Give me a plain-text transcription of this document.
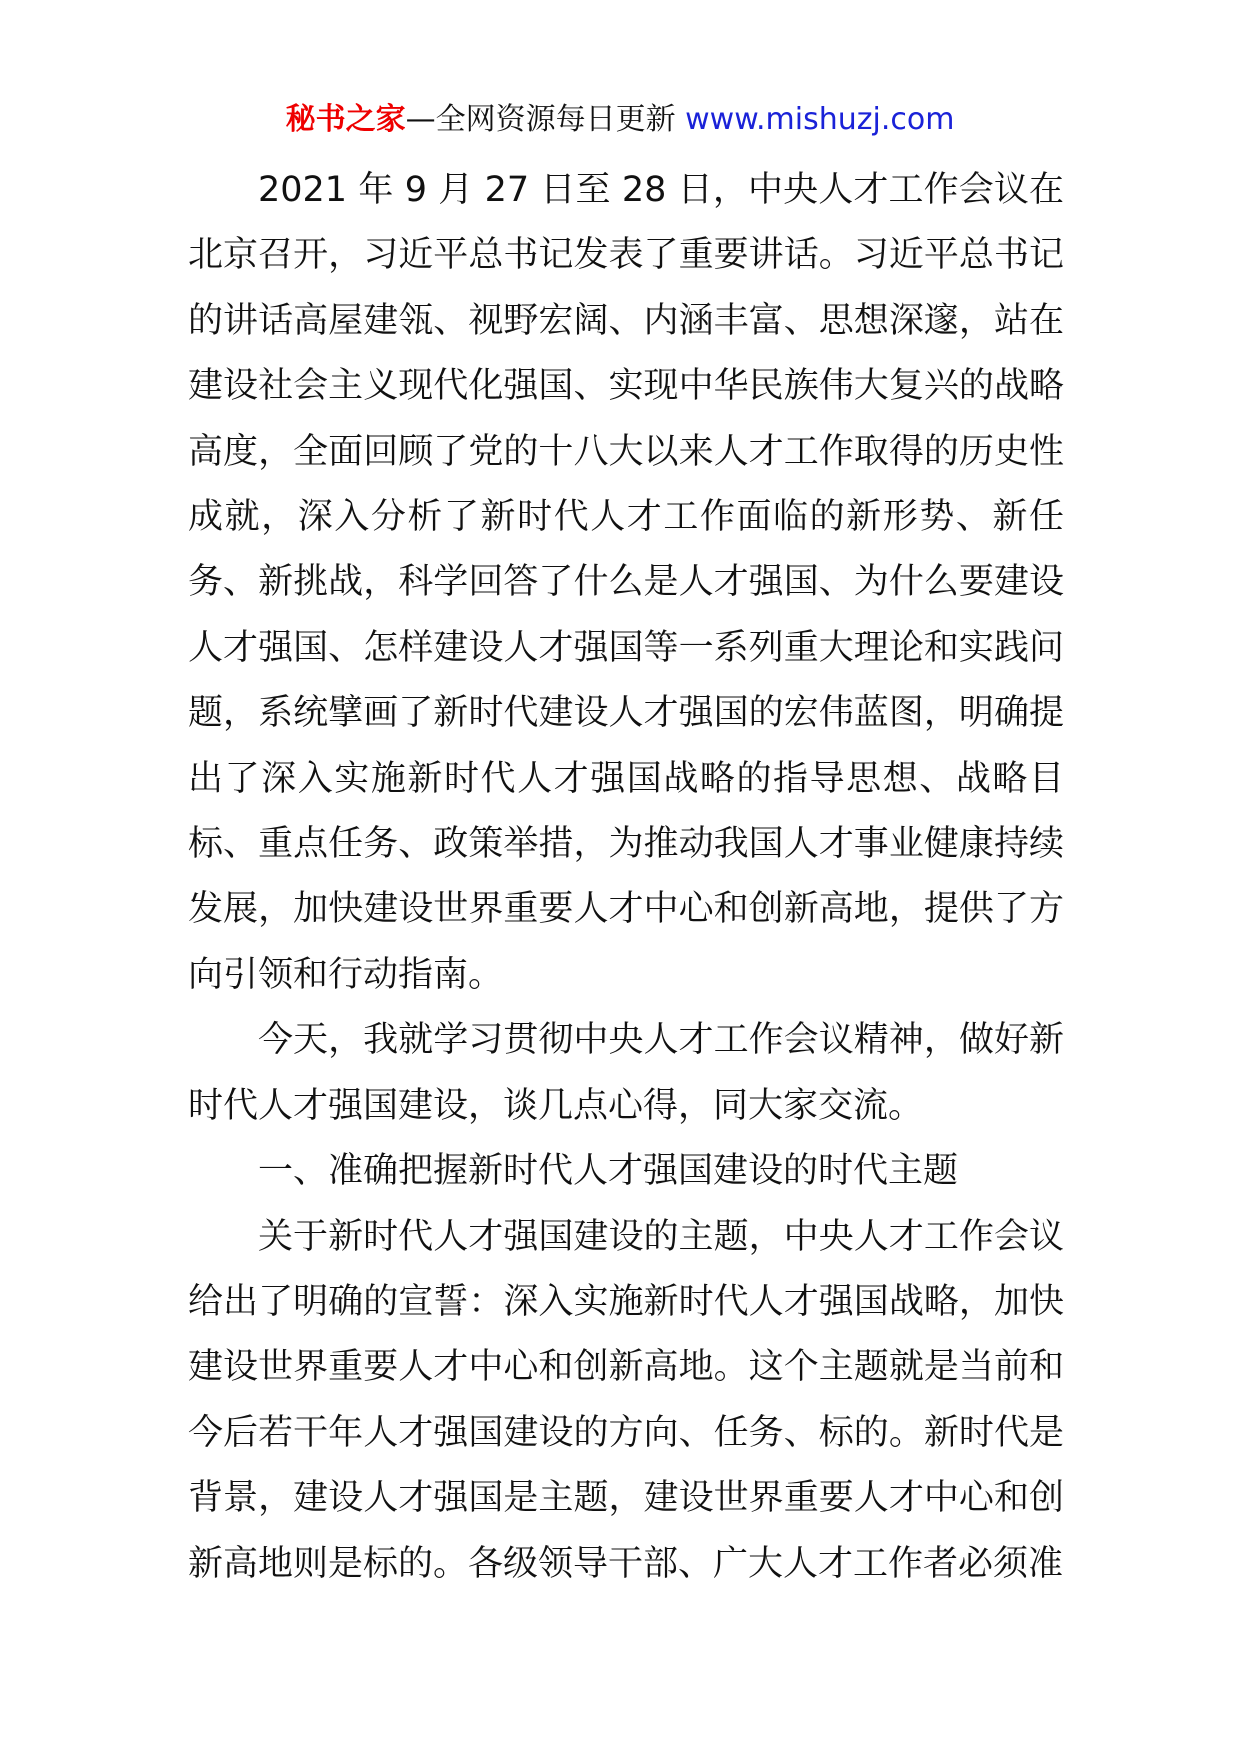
秘书之家—全网资源每日更新 www.mishuzj.com

2021 年 9 月 27 日至 28 日，中央人才工作会议在北京召开，习近平总书记发表了重要讲话。习近平总书记的讲话高屋建瓴、视野宏阔、内涵丰富、思想深邃，站在建设社会主义现代化强国、实现中华民族伟大复兴的战略高度，全面回顾了党的十八大以来人才工作取得的历史性成就，深入分析了新时代人才工作面临的新形势、新任务、新挑战，科学回答了什么是人才强国、为什么要建设人才强国、怎样建设人才强国等一系列重大理论和实践问题，系统擘画了新时代建设人才强国的宏伟蓝图，明确提出了深入实施新时代人才强国战略的指导思想、战略目标、重点任务、政策举措，为推动我国人才事业健康持续发展，加快建设世界重要人才中心和创新高地，提供了方向引领和行动指南。

今天，我就学习贯彻中央人才工作会议精神，做好新时代人才强国建设，谈几点心得，同大家交流。

一、准确把握新时代人才强国建设的时代主题

关于新时代人才强国建设的主题，中央人才工作会议给出了明确的宣誓：深入实施新时代人才强国战略，加快建设世界重要人才中心和创新高地。这个主题就是当前和今后若干年人才强国建设的方向、任务、标的。新时代是背景，建设人才强国是主题，建设世界重要人才中心和创新高地则是标的。各级领导干部、广大人才工作者必须准
